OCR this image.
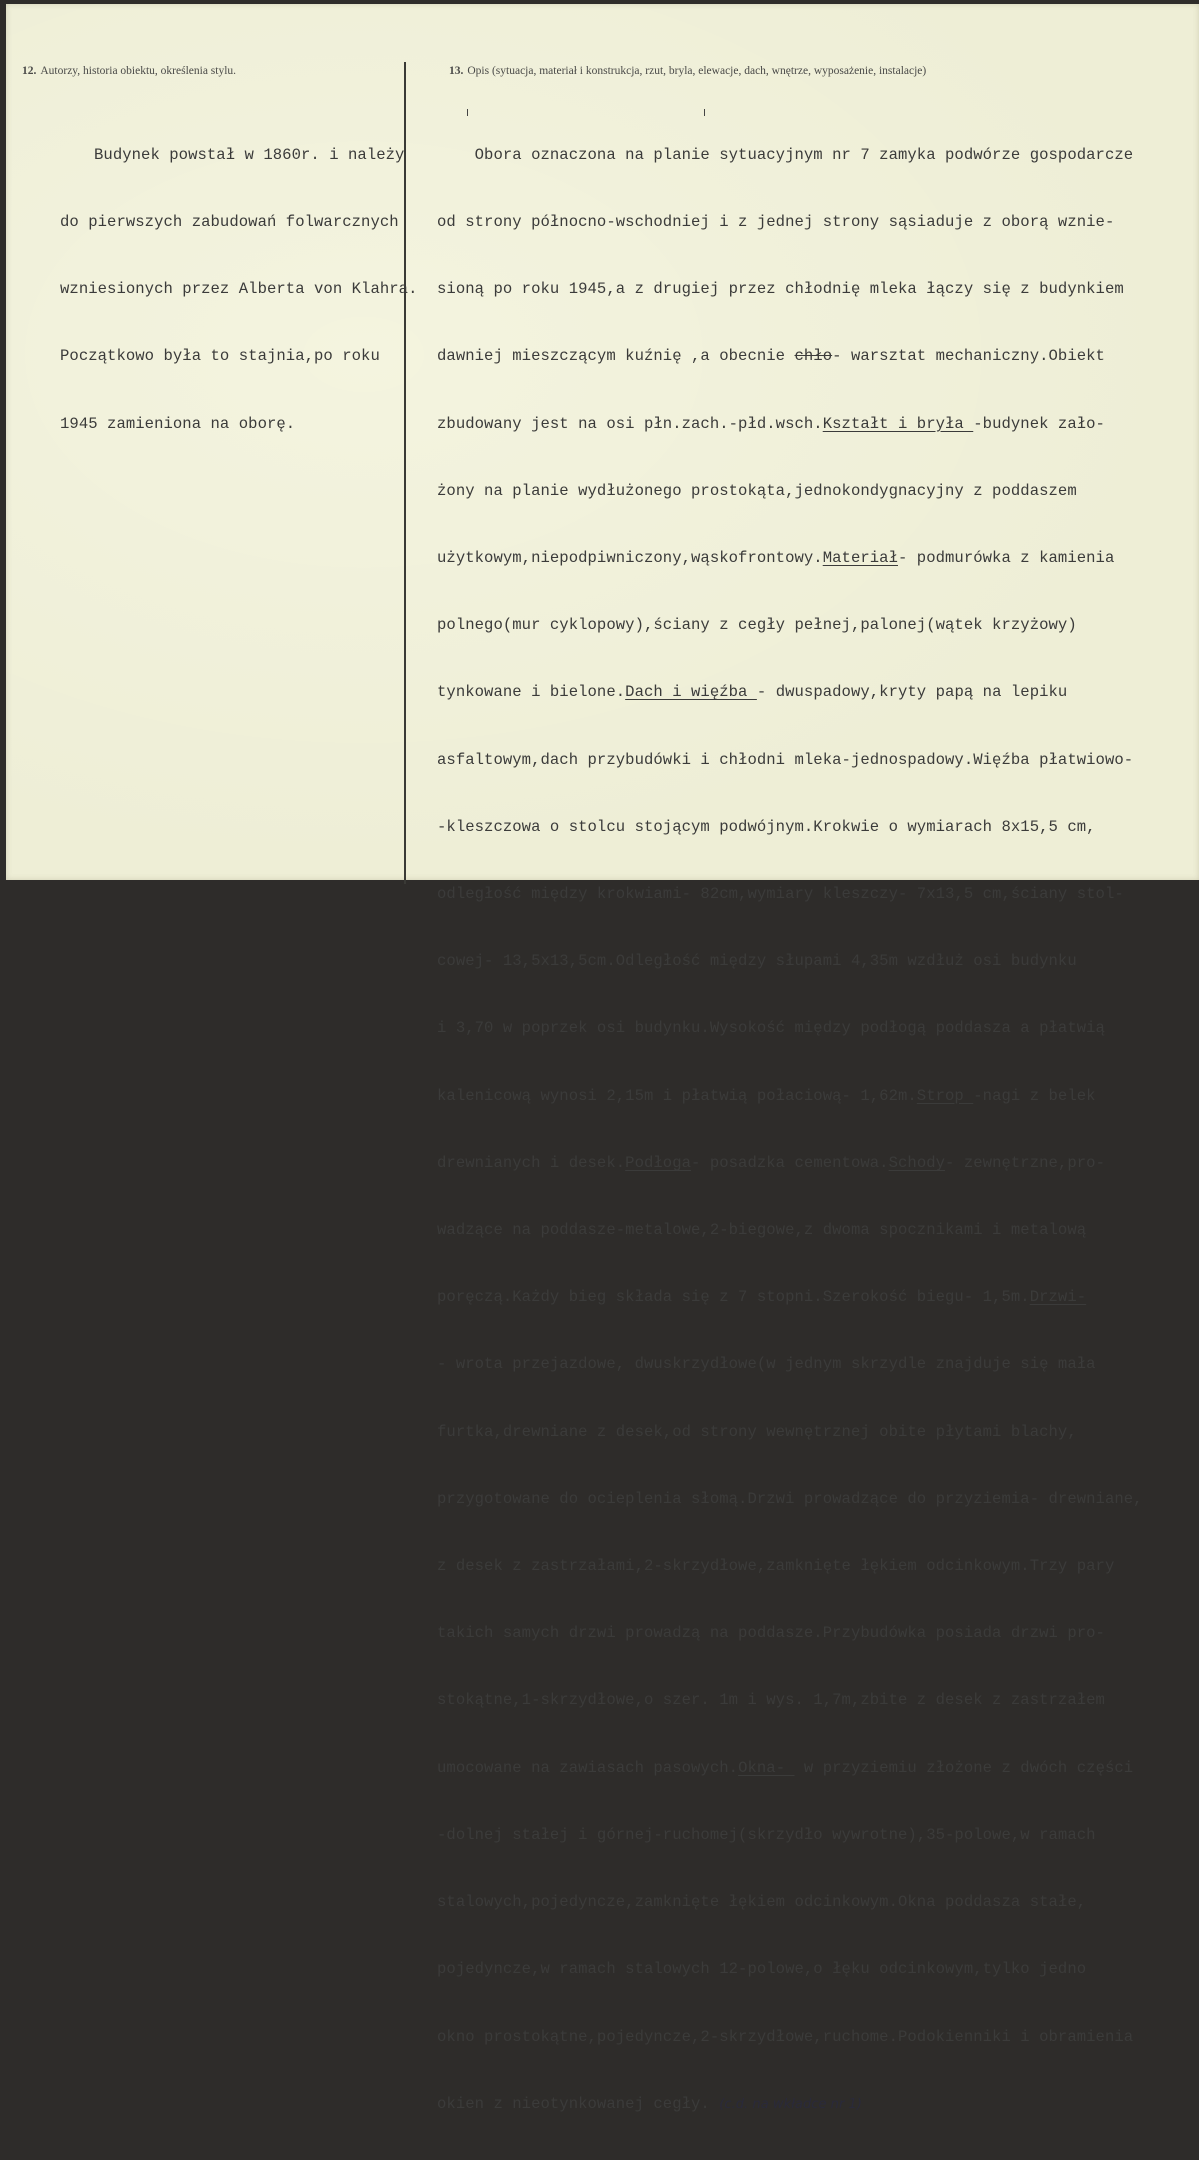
12. Autorzy, historia obiektu, określenia stylu.	13. Opis (sytuacja, materiał i konstrukcja, rzut, bryla, elewacje, dach, wnętrze, wyposażenie, instalacje)

Budynek powstał w 1860r. i należy

do pierwszych zabudowań folwarcznych

wzniesionych przez Alberta von Klahra.

Początkowo była to stajnia,po roku

1945 zamieniona na oborę.

Obora oznaczona na planie sytuacyjnym nr 7 zamyka podwórze gospodarcze

od strony północno-wschodniej i z jednej strony sąsiaduje z oborą wznie-

sioną po roku 1945,a z drugiej przez chłodnię mleka łączy się z budynkiem

dawniej mieszczącym kuźnię ,a obecnie chło- warsztat mechaniczny.Obiekt

zbudowany jest na osi płn.zach.-płd.wsch.Kształt i bryła -budynek zało-

żony na planie wydłużonego prostokąta,jednokondygnacyjny z poddaszem

użytkowym,niepodpiwniczony,wąskofrontowy.Materiał- podmurówka z kamienia

polnego(mur cyklopowy),ściany z cegły pełnej,palonej(wątek krzyżowy)

tynkowane i bielone.Dach i więźba - dwuspadowy,kryty papą na lepiku

asfaltowym,dach przybudówki i chłodni mleka-jednospadowy.Więźba płatwiowo-

-kleszczowa o stolcu stojącym podwójnym.Krokwie o wymiarach 8x15,5 cm,

odległość między krokwiami- 82cm,wymiary kleszczy- 7x13,5 cm,ściany stol-

cowej- 13,5x13,5cm.Odległość między słupami 4,35m wzdłuż osi budynku

i 3,70 w poprzek osi budynku.Wysokość między podłogą poddasza a płatwią

kalenicową wynosi 2,15m i płatwią połaciową- 1,62m.Strop -nagi z belek

drewnianych i desek.Podłoga- posadzka cementowa.Schody- zewnętrzne,pro-

wadzące na poddasze-metalowe,2-biegowe,z dwoma spocznikami i metalową

poręczą.Każdy bieg składa się z 7 stopni.Szerokość biegu- 1,5m.Drzwi-

- wrota przejazdowe, dwuskrzydłowe(w jednym skrzydle znajduje się mała

furtka,drewniane z desek,od strony wewnętrznej obite płytami blachy,

przygotowane do ocieplenia słomą.Drzwi prowadzące do przyziemia- drewniane,

z desek z zastrzałami,2-skrzydłowe,zamknięte łękiem odcinkowym.Trzy pary

takich samych drzwi prowadzą na poddasze.Przybudówka posiada drzwi pro-

stokątne,1-skrzydłowe,o szer. 1m i wys. 1,7m,zbite z desek z zastrzałem

umocowane na zawiasach pasowych.Okna-  w przyziemiu złożone z dwóch części

-dolnej stałej i górnej-ruchomej(skrzydło wywrotne),35-polowe,w ramach

stalowych,pojedyncze,zamknięte łękiem odcinkowym.Okna poddasza stałe,

pojedyncze,w ramach stalowych 12-polowe,o łęku odcinkowym,tylko jedno

okno prostokątne,pojedyncze,2-skrzydłowe,ruchome.Podokienniki i obramienia

okien z nieotynkowanej cegły. (c.d. na wkładce nr 1)
